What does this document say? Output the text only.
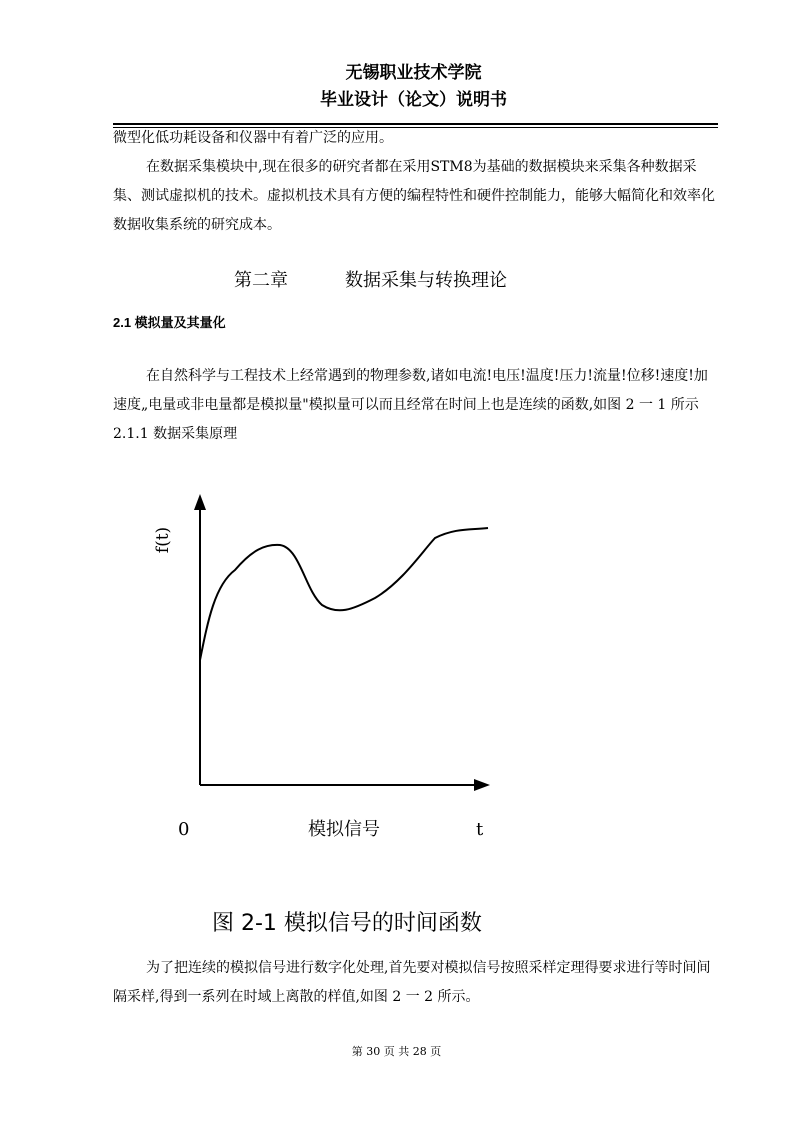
无锡职业技术学院
毕业设计（论文）说明书
微型化低功耗设备和仪器中有着广泛的应用。
在数据采集模块中,现在很多的研究者都在采用STM8为基础的数据模块来采集各种数据采集、测试虚拟机的技术。虚拟机技术具有方便的编程特性和硬件控制能力，能够大幅简化和效率化数据收集系统的研究成本。
第二章	数据采集与转换理论
2.1 模拟量及其量化
在自然科学与工程技术上经常遇到的物理参数,诸如电流!电压!温度!压力!流量!位移!速度!加速度„电量或非电量都是模拟量"模拟量可以而且经常在时间上也是连续的函数,如图 2 一 1 所示 2.1.1 数据采集原理
f(t)
0	模拟信号	t
图 2-1 模拟信号的时间函数
为了把连续的模拟信号进行数字化处理,首先要对模拟信号按照采样定理得要求进行等时间间隔采样,得到一系列在时域上离散的样值,如图 2 一 2 所示。
第 30 页 共 28 页
